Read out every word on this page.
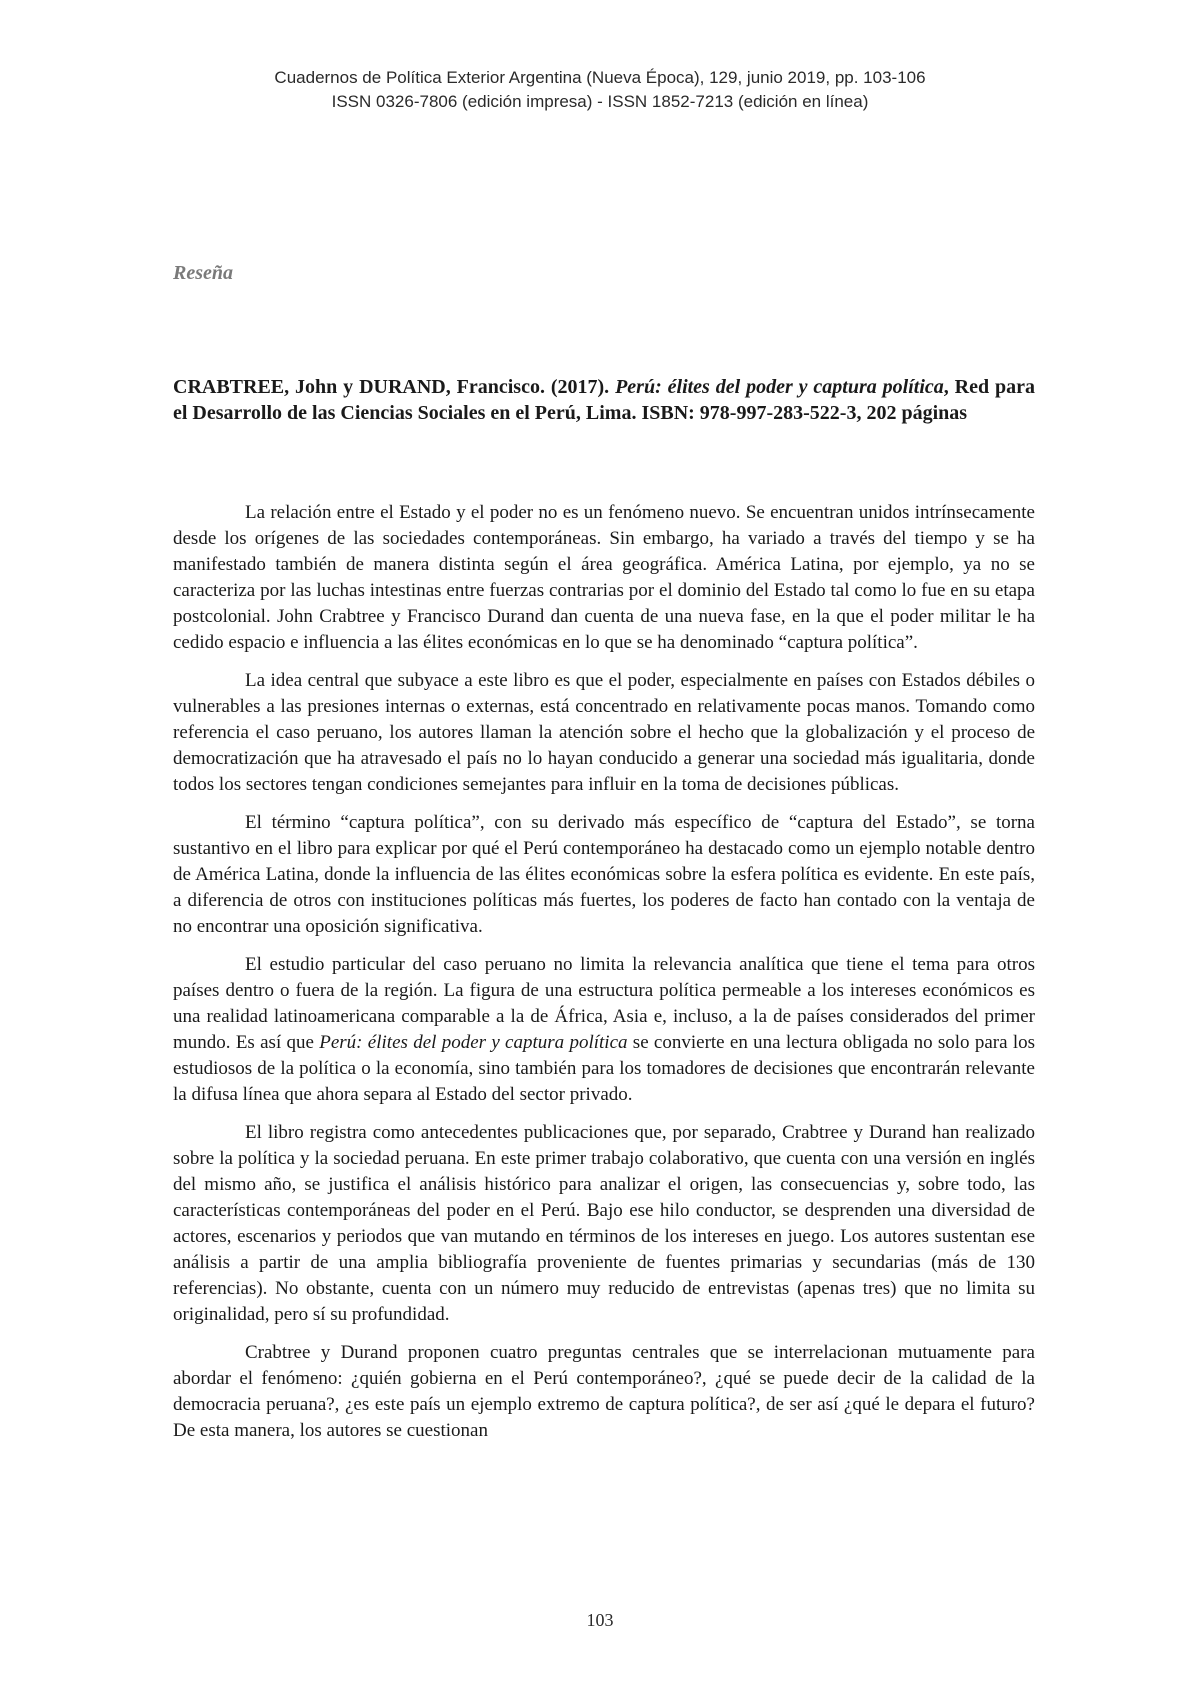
Cuadernos de Política Exterior Argentina (Nueva Época), 129, junio 2019, pp. 103-106
ISSN 0326-7806 (edición impresa) - ISSN 1852-7213 (edición en línea)
Reseña
CRABTREE, John y DURAND, Francisco. (2017). Perú: élites del poder y captura política, Red para el Desarrollo de las Ciencias Sociales en el Perú, Lima. ISBN: 978-997-283-522-3, 202 páginas

La relación entre el Estado y el poder no es un fenómeno nuevo. Se encuentran unidos intrínsecamente desde los orígenes de las sociedades contemporáneas. Sin embargo, ha variado a través del tiempo y se ha manifestado también de manera distinta según el área geográfica. América Latina, por ejemplo, ya no se caracteriza por las luchas intestinas entre fuerzas contrarias por el dominio del Estado tal como lo fue en su etapa postcolonial. John Crabtree y Francisco Durand dan cuenta de una nueva fase, en la que el poder militar le ha cedido espacio e influencia a las élites económicas en lo que se ha denominado “captura política”.

La idea central que subyace a este libro es que el poder, especialmente en países con Estados débiles o vulnerables a las presiones internas o externas, está concentrado en relativamente pocas manos. Tomando como referencia el caso peruano, los autores llaman la atención sobre el hecho que la globalización y el proceso de democratización que ha atravesado el país no lo hayan conducido a generar una sociedad más igualitaria, donde todos los sectores tengan condiciones semejantes para influir en la toma de decisiones públicas.

El término “captura política”, con su derivado más específico de “captura del Estado”, se torna sustantivo en el libro para explicar por qué el Perú contemporáneo ha destacado como un ejemplo notable dentro de América Latina, donde la influencia de las élites económicas sobre la esfera política es evidente. En este país, a diferencia de otros con instituciones políticas más fuertes, los poderes de facto han contado con la ventaja de no encontrar una oposición significativa.

El estudio particular del caso peruano no limita la relevancia analítica que tiene el tema para otros países dentro o fuera de la región. La figura de una estructura política permeable a los intereses económicos es una realidad latinoamericana comparable a la de África, Asia e, incluso, a la de países considerados del primer mundo. Es así que Perú: élites del poder y captura política se convierte en una lectura obligada no solo para los estudiosos de la política o la economía, sino también para los tomadores de decisiones que encontrarán relevante la difusa línea que ahora separa al Estado del sector privado.

El libro registra como antecedentes publicaciones que, por separado, Crabtree y Durand han realizado sobre la política y la sociedad peruana. En este primer trabajo colaborativo, que cuenta con una versión en inglés del mismo año, se justifica el análisis histórico para analizar el origen, las consecuencias y, sobre todo, las características contemporáneas del poder en el Perú. Bajo ese hilo conductor, se desprenden una diversidad de actores, escenarios y periodos que van mutando en términos de los intereses en juego. Los autores sustentan ese análisis a partir de una amplia bibliografía proveniente de fuentes primarias y secundarias (más de 130 referencias). No obstante, cuenta con un número muy reducido de entrevistas (apenas tres) que no limita su originalidad, pero sí su profundidad.

Crabtree y Durand proponen cuatro preguntas centrales que se interrelacionan mutuamente para abordar el fenómeno: ¿quién gobierna en el Perú contemporáneo?, ¿qué se puede decir de la calidad de la democracia peruana?, ¿es este país un ejemplo extremo de captura política?, de ser así ¿qué le depara el futuro? De esta manera, los autores se cuestionan

103
